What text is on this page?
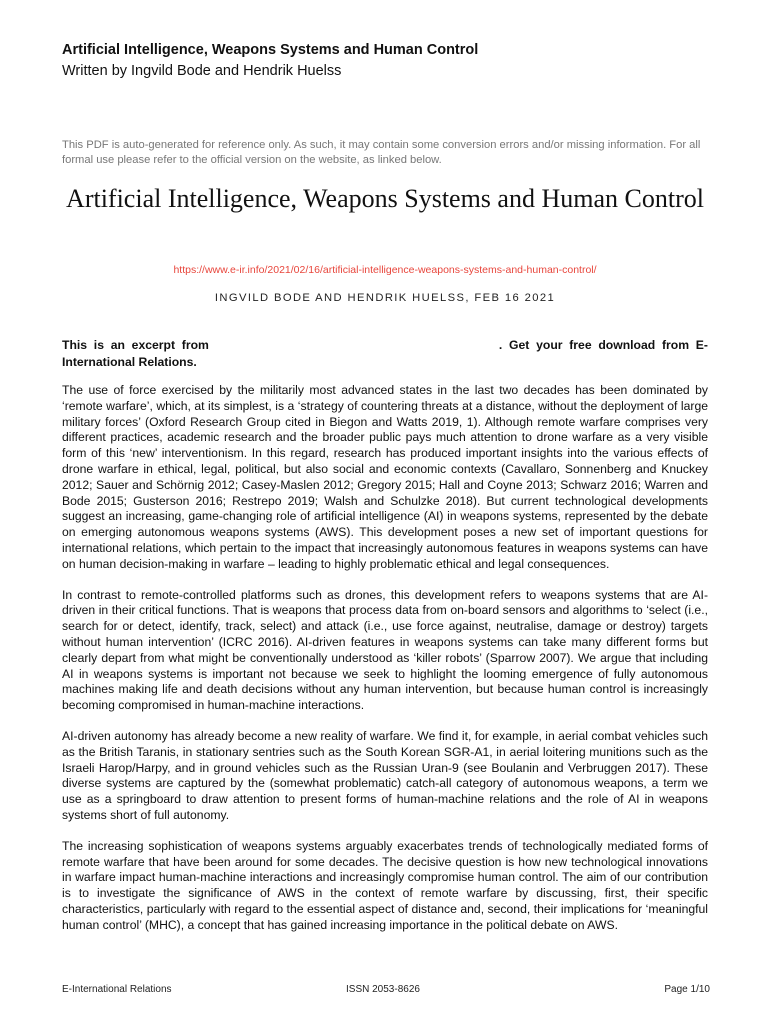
Artificial Intelligence, Weapons Systems and Human Control
Written by Ingvild Bode and Hendrik Huelss
This PDF is auto-generated for reference only. As such, it may contain some conversion errors and/or missing information. For all formal use please refer to the official version on the website, as linked below.
Artificial Intelligence, Weapons Systems and Human Control
https://www.e-ir.info/2021/02/16/artificial-intelligence-weapons-systems-and-human-control/
INGVILD BODE AND HENDRIK HUELSS, FEB 16 2021
This is an excerpt from	. Get your free download from E-International Relations.

The use of force exercised by the militarily most advanced states in the last two decades has been dominated by ‘remote warfare’, which, at its simplest, is a ‘strategy of countering threats at a distance, without the deployment of large military forces’ (Oxford Research Group cited in Biegon and Watts 2019, 1). Although remote warfare comprises very different practices, academic research and the broader public pays much attention to drone warfare as a very visible form of this ‘new’ interventionism. In this regard, research has produced important insights into the various effects of drone warfare in ethical, legal, political, but also social and economic contexts (Cavallaro, Sonnenberg and Knuckey 2012; Sauer and Schörnig 2012; Casey-Maslen 2012; Gregory 2015; Hall and Coyne 2013; Schwarz 2016; Warren and Bode 2015; Gusterson 2016; Restrepo 2019; Walsh and Schulzke 2018). But current technological developments suggest an increasing, game-changing role of artificial intelligence (AI) in weapons systems, represented by the debate on emerging autonomous weapons systems (AWS). This development poses a new set of important questions for international relations, which pertain to the impact that increasingly autonomous features in weapons systems can have on human decision-making in warfare – leading to highly problematic ethical and legal consequences.

In contrast to remote-controlled platforms such as drones, this development refers to weapons systems that are AI-driven in their critical functions. That is weapons that process data from on-board sensors and algorithms to ‘select (i.e., search for or detect, identify, track, select) and attack (i.e., use force against, neutralise, damage or destroy) targets without human intervention’ (ICRC 2016). AI-driven features in weapons systems can take many different forms but clearly depart from what might be conventionally understood as ‘killer robots’ (Sparrow 2007). We argue that including AI in weapons systems is important not because we seek to highlight the looming emergence of fully autonomous machines making life and death decisions without any human intervention, but because human control is increasingly becoming compromised in human-machine interactions.

AI-driven autonomy has already become a new reality of warfare. We find it, for example, in aerial combat vehicles such as the British Taranis, in stationary sentries such as the South Korean SGR-A1, in aerial loitering munitions such as the Israeli Harop/Harpy, and in ground vehicles such as the Russian Uran-9 (see Boulanin and Verbruggen 2017). These diverse systems are captured by the (somewhat problematic) catch-all category of autonomous weapons, a term we use as a springboard to draw attention to present forms of human-machine relations and the role of AI in weapons systems short of full autonomy.

The increasing sophistication of weapons systems arguably exacerbates trends of technologically mediated forms of remote warfare that have been around for some decades. The decisive question is how new technological innovations in warfare impact human-machine interactions and increasingly compromise human control. The aim of our contribution is to investigate the significance of AWS in the context of remote warfare by discussing, first, their specific characteristics, particularly with regard to the essential aspect of distance and, second, their implications for ‘meaningful human control’ (MHC), a concept that has gained increasing importance in the political debate on AWS.

E-International Relations	ISSN 2053-8626	Page 1/10
